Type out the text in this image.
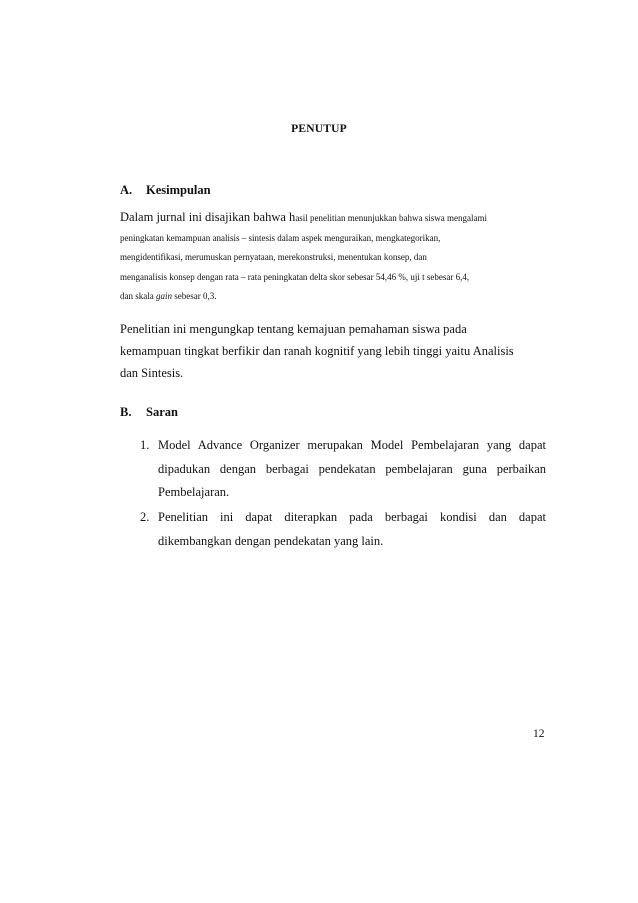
PENUTUP
A. Kesimpulan
Dalam jurnal ini disajikan bahwa hasil penelitian menunjukkan bahwa siswa mengalami
peningkatan kemampuan analisis – sintesis dalam aspek menguraikan, mengkategorikan,
mengidentifikasi, merumuskan pernyataan, merekonstruksi, menentukan konsep, dan
menganalisis konsep dengan rata – rata peningkatan delta skor sebesar 54,46 %, uji t sebesar 6,4,
dan skala gain sebesar 0,3.
Penelitian ini mengungkap tentang kemajuan pemahaman siswa pada
kemampuan tingkat berfikir dan ranah kognitif yang lebih tinggi yaitu Analisis
dan Sintesis.
B. Saran
1. Model Advance Organizer merupakan Model Pembelajaran yang dapat
dipadukan dengan berbagai pendekatan pembelajaran guna perbaikan
Pembelajaran.
2. Penelitian ini dapat diterapkan pada berbagai kondisi dan dapat
dikembangkan dengan pendekatan yang lain.
12
